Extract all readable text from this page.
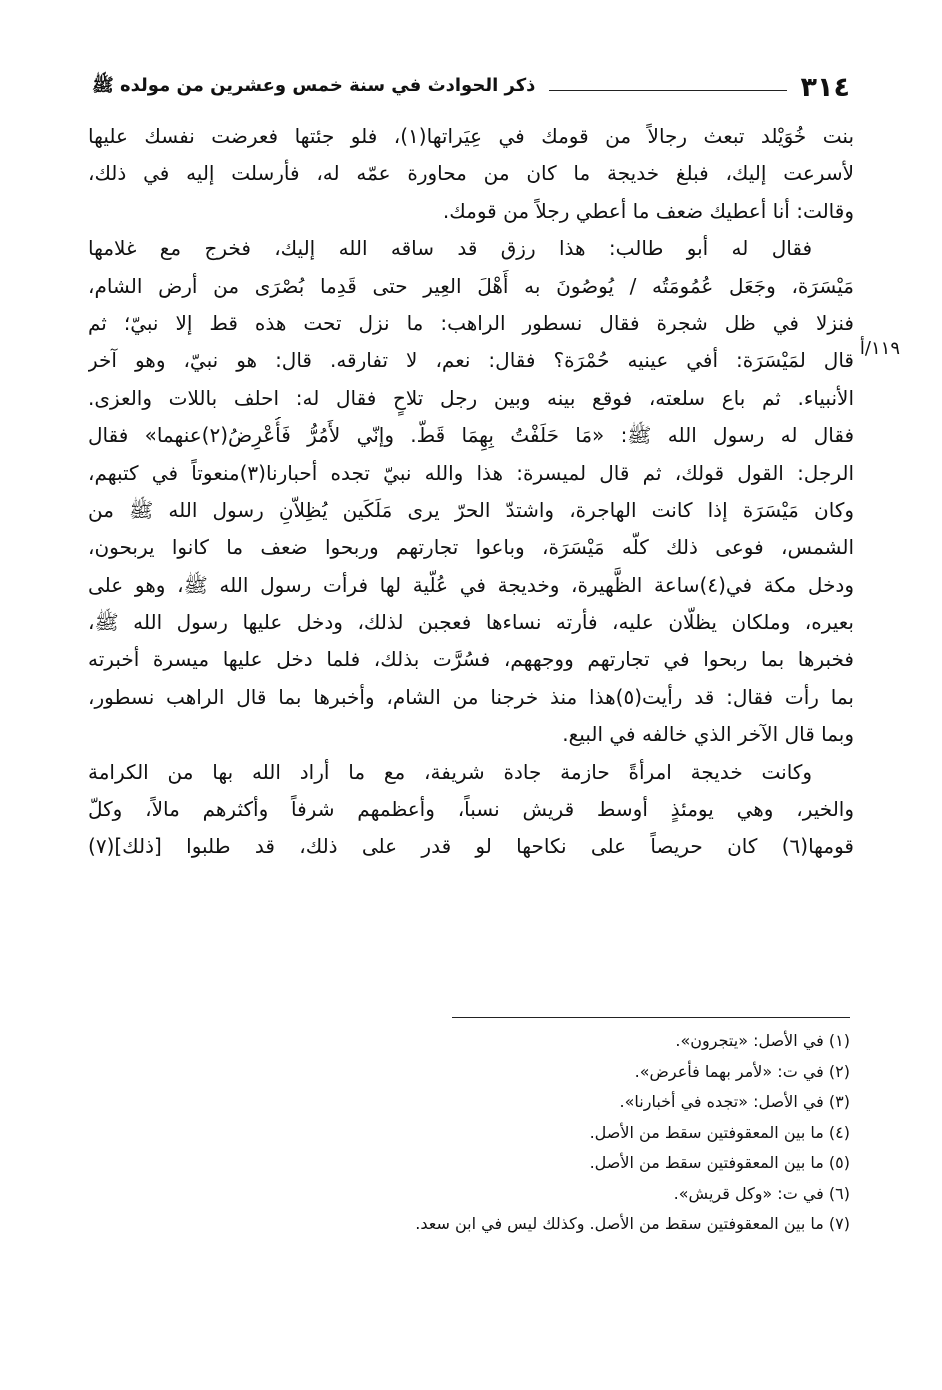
٣١٤
ذكر الحوادث في سنة خمس وعشرين من مولده ﷺ
١١٩/أ
بنت خُوَيْلد تبعث رجالاً من قومك في عِيَراتها(١)، فلو جئتها فعرضت نفسك عليها
لأسرعت إليك، فبلغ خديجة ما كان من محاورة عمّه له، فأرسلت إليه في ذلك،
وقالت: أنا أعطيك ضعف ما أعطي رجلاً من قومك.
فقال له أبو طالب: هذا رزق قد ساقه الله إليك، فخرج مع غلامها
مَيْسَرَة، وجَعَل عُمُومَتُه / يُوصُونَ به أَهْلَ العِير حتى قَدِما بُصْرَى من أرض الشام،
فنزلا في ظل شجرة فقال نسطور الراهب: ما نزل تحت هذه قط إلا نبيّ؛ ثم
قال لمَيْسَرَة: أفي عينيه حُمْرَة؟ فقال: نعم، لا تفارقه. قال: هو نبيّ، وهو آخر
الأنبياء. ثم باع سلعته، فوقع بينه وبين رجل تلاحٍ فقال له: احلف باللات والعزى.
فقال له رسول الله ﷺ: «مَا حَلَفْتُ بِهِمَا قَطّ. وإنّي لأَمُرُّ فَأُعْرِضُ(٢)عنهما» فقال
الرجل: القول قولك، ثم قال لميسرة: هذا والله نبيّ تجده أحبارنا(٣)منعوتاً في كتبهم،
وكان مَيْسَرَة إذا كانت الهاجرة، واشتدّ الحرّ يرى مَلَكَين يُظِلاّنِ رسول الله ﷺ من
الشمس، فوعى ذلك كلّه مَيْسَرَة، وباعوا تجارتهم وربحوا ضعف ما كانوا يربحون،
ودخل مكة في(٤)ساعة الظَّهيرة، وخديجة في عُلّية لها فرأت رسول الله ﷺ، وهو على
بعيره، وملكان يظلّان عليه، فأرته نساءها فعجبن لذلك، ودخل عليها رسول الله ﷺ،
فخبرها بما ربحوا في تجارتهم ووجههم، فسُرَّت بذلك، فلما دخل عليها ميسرة أخبرته
بما رأت فقال: قد رأيت(٥)هذا منذ خرجنا من الشام، وأخبرها بما قال الراهب نسطور،
وبما قال الآخر الذي خالفه في البيع.
وكانت خديجة امرأةً حازمة جادة شريفة، مع ما أراد الله بها من الكرامة
والخير، وهي يومئذٍ أوسط قريش نسباً، وأعظمهم شرفاً وأكثرهم مالاً، وكلّ
قومها(٦) كان حريصاً على نكاحها لو قدر على ذلك، قد طلبوا [ذلك](٧)
(١) في الأصل: «يتجرون».
(٢) في ت: «لأمر بهما فأعرض».
(٣) في الأصل: «تجده في أخبارنا».
(٤) ما بين المعقوفتين سقط من الأصل.
(٥) ما بين المعقوفتين سقط من الأصل.
(٦) في ت: «وكل قريش».
(٧) ما بين المعقوفتين سقط من الأصل. وكذلك ليس في ابن سعد.
